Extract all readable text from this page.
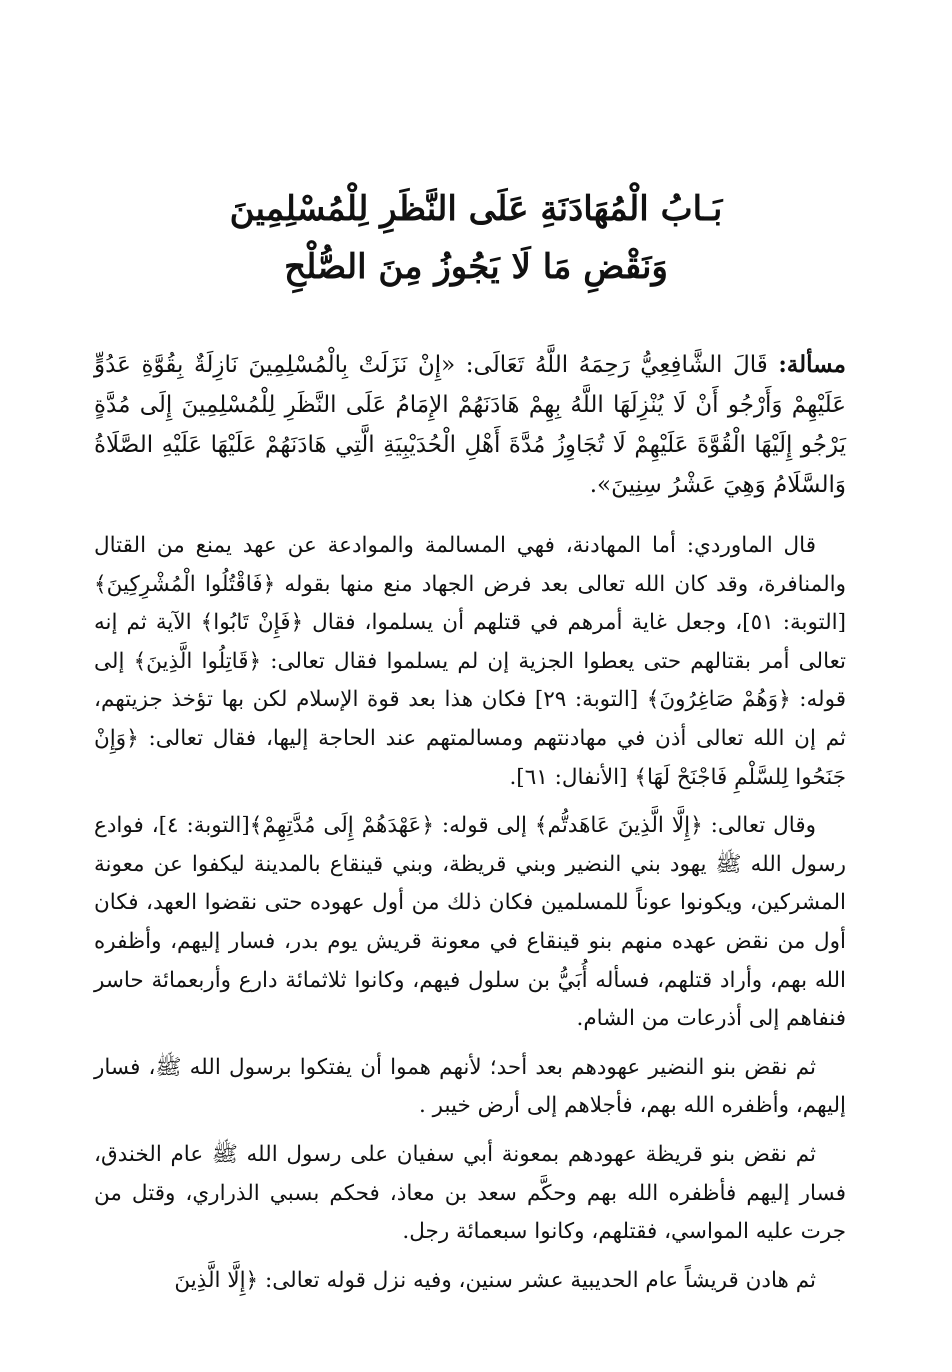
بَـابُ الْمُهَادَنَةِ عَلَى النَّظَرِ لِلْمُسْلِمِينَ
وَنَقْضِ مَا لَا يَجُوزُ مِنَ الصُّلْحِ

مسألة: قَالَ الشَّافِعِيُّ رَحِمَهُ اللَّهُ تَعَالَى: «إِنْ نَزَلَتْ بِالْمُسْلِمِينَ نَازِلَةٌ بِقُوَّةِ عَدُوٍّ عَلَيْهِمْ وَأَرْجُو أَنْ لَا يُنْزِلَهَا اللَّهُ بِهِمْ هَادَنَهُمْ الإِمَامُ عَلَى النَّظَرِ لِلْمُسْلِمِينَ إِلَى مُدَّةٍ يَرْجُو إِلَيْهَا الْقُوَّةَ عَلَيْهِمْ لَا تُجَاوِزُ مُدَّةَ أَهْلِ الْحُدَيْبِيَةِ الَّتِي هَادَنَهُمْ عَلَيْهَا عَلَيْهِ الصَّلَاةُ وَالسَّلَامُ وَهِيَ عَشْرُ سِنِينَ».

قال الماوردي: أما المهادنة، فهي المسالمة والموادعة عن عهد يمنع من القتال والمنافرة، وقد كان الله تعالى بعد فرض الجهاد منع منها بقوله ﴿فَاقْتُلُوا الْمُشْرِكِينَ﴾ [التوبة: ٥١]، وجعل غاية أمرهم في قتلهم أن يسلموا، فقال ﴿فَإِنْ تَابُوا﴾ الآية ثم إنه تعالى أمر بقتالهم حتى يعطوا الجزية إن لم يسلموا فقال تعالى: ﴿قَاتِلُوا الَّذِينَ﴾ إلى قوله: ﴿وَهُمْ صَاغِرُونَ﴾ [التوبة: ٢٩] فكان هذا بعد قوة الإسلام لكن بها تؤخذ جزيتهم، ثم إن الله تعالى أذن في مهادنتهم ومسالمتهم عند الحاجة إليها، فقال تعالى: ﴿وَإِنْ جَنَحُوا لِلسَّلْمِ فَاجْنَحْ لَهَا﴾ [الأنفال: ٦١].

وقال تعالى: ﴿إِلَّا الَّذِينَ عَاهَدتُّم﴾ إلى قوله: ﴿عَهْدَهُمْ إِلَى مُدَّتِهِمْ﴾[التوبة: ٤]، فوادع رسول الله ﷺ يهود بني النضير وبني قريظة، وبني قينقاع بالمدينة ليكفوا عن معونة المشركين، ويكونوا عوناً للمسلمين فكان ذلك من أول عهوده حتى نقضوا العهد، فكان أول من نقض عهده منهم بنو قينقاع في معونة قريش يوم بدر، فسار إليهم، وأظفره الله بهم، وأراد قتلهم، فسأله أُبَيُّ بن سلول فيهم، وكانوا ثلاثمائة دارع وأربعمائة حاسر فنفاهم إلى أذرعات من الشام.

ثم نقض بنو النضير عهودهم بعد أحد؛ لأنهم هموا أن يفتكوا برسول الله ﷺ، فسار إليهم، وأظفره الله بهم، فأجلاهم إلى أرض خيبر .

ثم نقض بنو قريظة عهودهم بمعونة أبي سفيان على رسول الله ﷺ عام الخندق، فسار إليهم فأظفره الله بهم وحكَّم سعد بن معاذ، فحكم بسبي الذراري، وقتل من جرت عليه المواسي، فقتلهم، وكانوا سبعمائة رجل.

ثم هادن قريشاً عام الحديبية عشر سنين، وفيه نزل قوله تعالى: ﴿إِلَّا الَّذِينَ
